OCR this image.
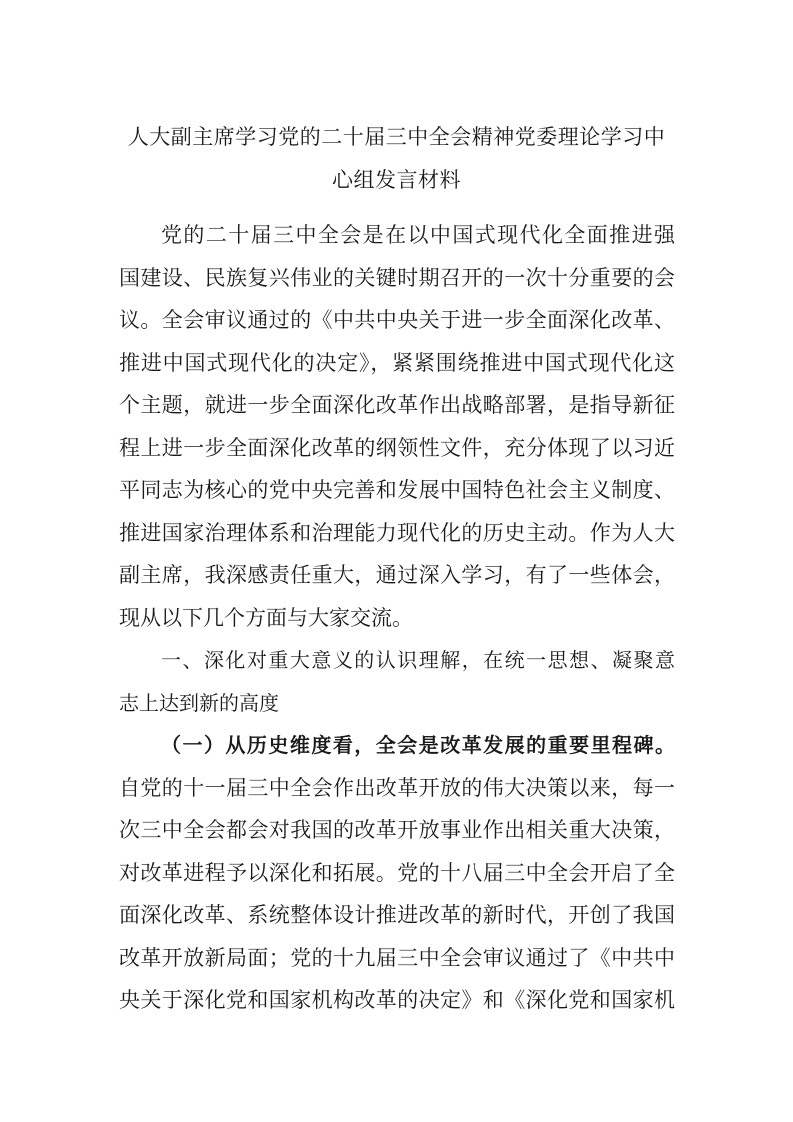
人大副主席学习党的二十届三中全会精神党委理论学习中
心组发言材料
党的二十届三中全会是在以中国式现代化全面推进强
国建设、民族复兴伟业的关键时期召开的一次十分重要的会
议。全会审议通过的《中共中央关于进一步全面深化改革、
推进中国式现代化的决定》，紧紧围绕推进中国式现代化这
个主题，就进一步全面深化改革作出战略部署，是指导新征
程上进一步全面深化改革的纲领性文件，充分体现了以习近
平同志为核心的党中央完善和发展中国特色社会主义制度、
推进国家治理体系和治理能力现代化的历史主动。作为人大
副主席，我深感责任重大，通过深入学习，有了一些体会，
现从以下几个方面与大家交流。
一、深化对重大意义的认识理解，在统一思想、凝聚意
志上达到新的高度
（一）从历史维度看，全会是改革发展的重要里程碑。
自党的十一届三中全会作出改革开放的伟大决策以来，每一
次三中全会都会对我国的改革开放事业作出相关重大决策，
对改革进程予以深化和拓展。党的十八届三中全会开启了全
面深化改革、系统整体设计推进改革的新时代，开创了我国
改革开放新局面；党的十九届三中全会审议通过了《中共中
央关于深化党和国家机构改革的决定》和《深化党和国家机
